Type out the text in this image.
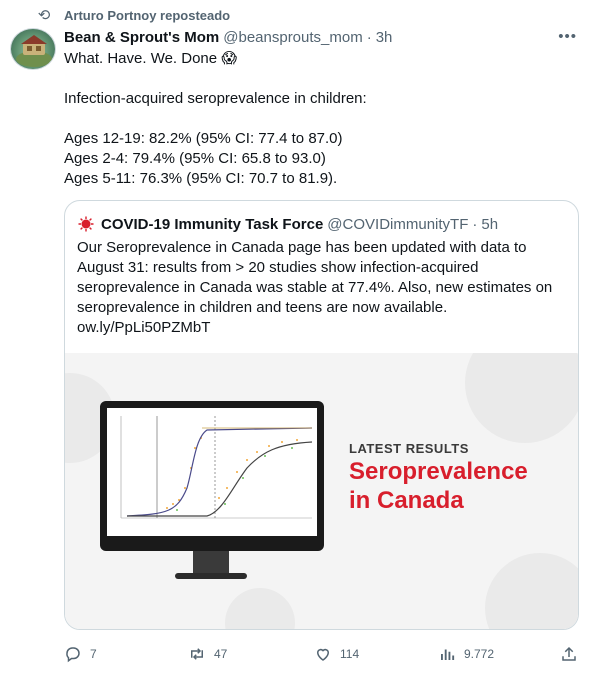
⟲ Arturo Portnoy reposteado
Bean & Sprout's Mom @beansprouts_mom · 3h	•••
What. Have. We. Done 😱

Infection-acquired seroprevalence in children:

Ages 12-19: 82.2% (95% CI: 77.4 to 87.0)
Ages 2-4: 79.4% (95% CI: 65.8 to 93.0)
Ages 5-11: 76.3% (95% CI: 70.7 to 81.9).
COVID-19 Immunity Task Force @COVIDimmunityTF · 5h
Our Seroprevalence in Canada page has been updated with data to August 31: results from > 20 studies show infection-acquired seroprevalence in Canada was stable at 77.4%. Also, new estimates on seroprevalence in children and teens are now available. ow.ly/PpLi50PZMbT
LATEST RESULTS
Seroprevalence
in Canada
7	47	114	9.772
